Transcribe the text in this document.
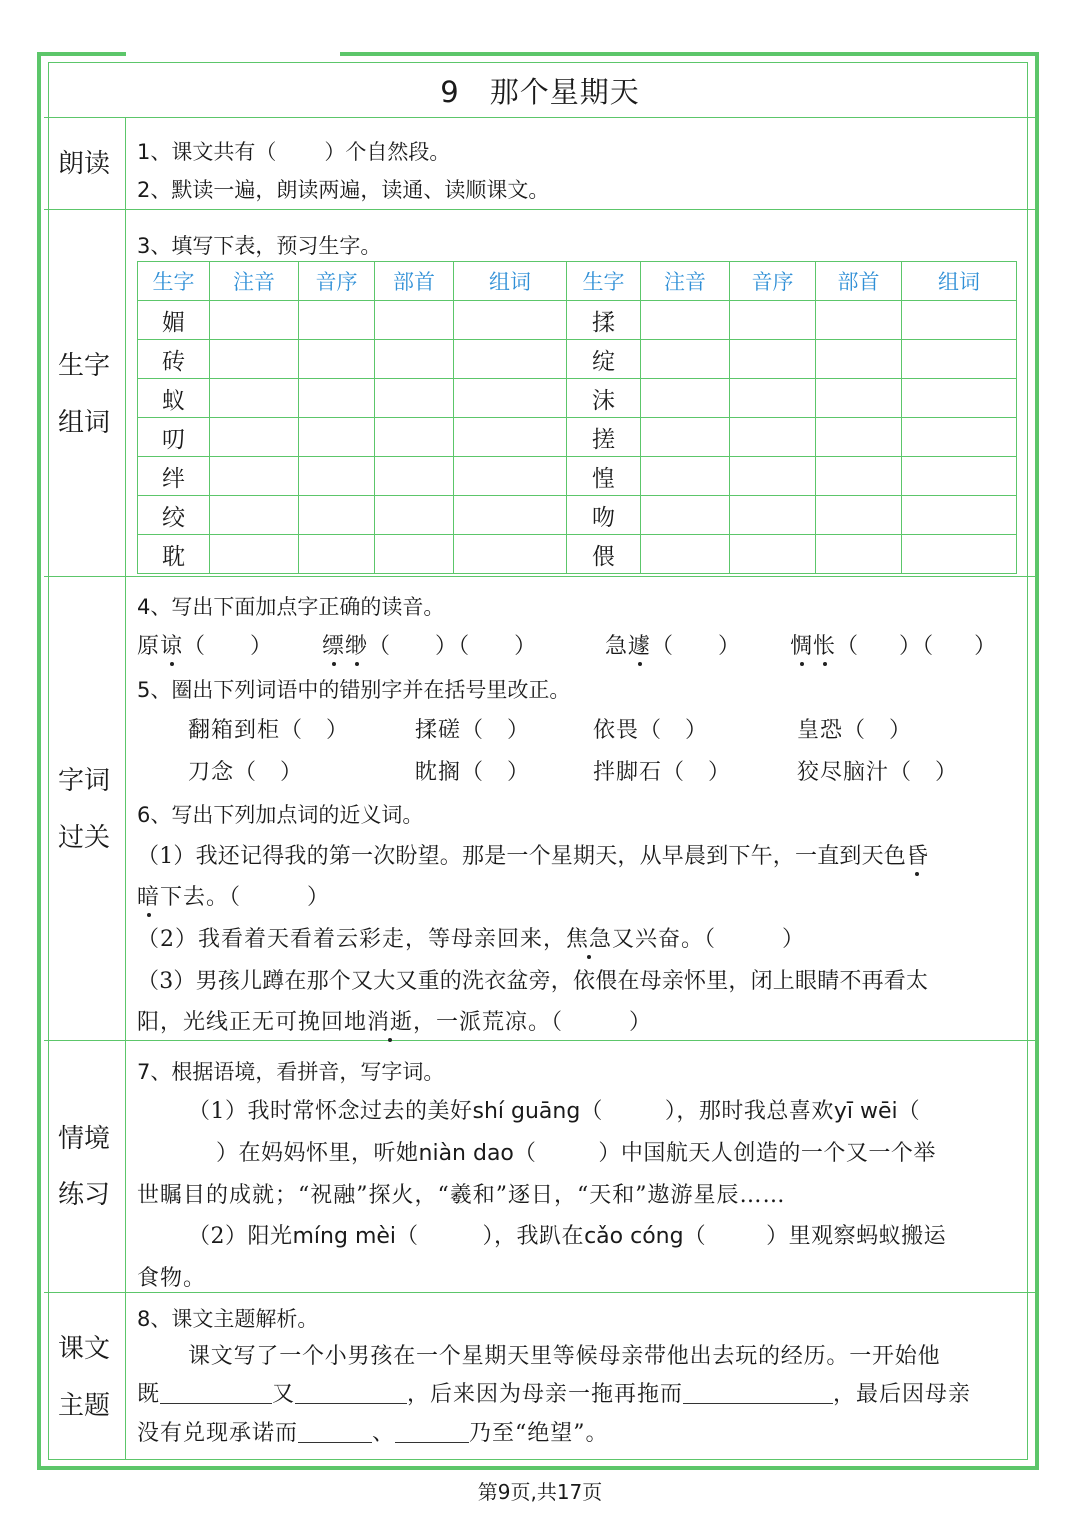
9 那个星期天
朗读
生字
组词
字词
过关
情境
练习
课文
主题
1、课文共有（ ）个自然段。
2、默读一遍，朗读两遍，读通、读顺课文。
3、填写下表，预习生字。
生字	注音	音序	部首	组词	生字	注音	音序	部首	组词
媚					揉				
砖					绽				
蚁					沫				
叨					搓				
绊					惶				
绞					吻				
耽					偎				
4、写出下面加点字正确的读音。
原谅（ ） 缥缈（ ）（ ）	急遽（ ） 惆怅（ ）（ ）
5、圈出下列词语中的错别字并在括号里改正。
翻箱到柜（　）	揉磋（　）	依畏（　）	皇恐（　）
刀念（　）	眈搁（　）	拌脚石（　）	狡尽脑汁（　）
6、写出下列加点词的近义词。
（1）我还记得我的第一次盼望。那是一个星期天，从早晨到下午，一直到天色昏
暗下去。（	）
（2）我看着天看着云彩走，等母亲回来，焦急又兴奋。（	）
（3）男孩儿蹲在那个又大又重的洗衣盆旁，依偎在母亲怀里，闭上眼睛不再看太
阳，光线正无可挽回地消逝，一派荒凉。（	）
7、根据语境，看拼音，写字词。
（1）我时常怀念过去的美好shí guāng（	），那时我总喜欢yī wēi（
）在妈妈怀里，听她niàn dao（	）中国航天人创造的一个又一个举
世瞩目的成就；“祝融”探火，“羲和”逐日，“天和”遨游星辰……
（2）阳光míng mèi（	），我趴在cǎo cóng（	）里观察蚂蚁搬运
食物。
8、课文主题解析。
课文写了一个小男孩在一个星期天里等候母亲带他出去玩的经历。一开始他
既	又	，后来因为母亲一拖再拖而	，最后因母亲
没有兑现承诺而	、	乃至“绝望”。
第9页,共17页
